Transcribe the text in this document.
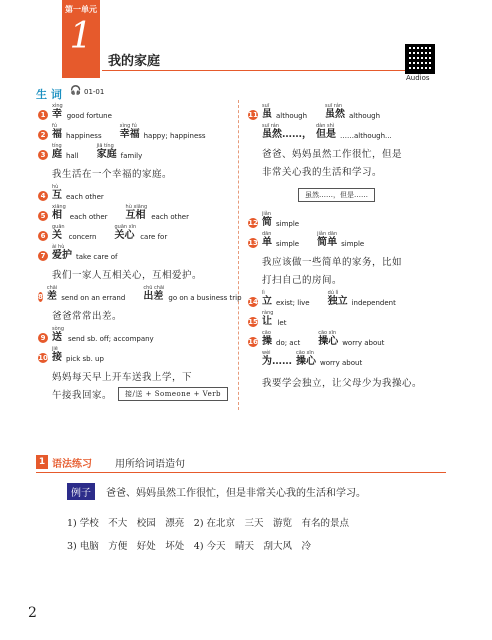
第一单元
1
我的家庭
Audios
生 词 🎧 01-01
1
xìng
幸 good fortune
2
fú
福 happiness
xìng fú
幸福 happy; happiness
3
tíng
庭 hall
jiā tíng
家庭 family
我生活在一个幸福的家庭。
4
hù
互 each other
5
xiāng
相 each other
hù xiāng
互相 each other
6
guān
关 concern
guān xīn
关心 care for
7
ài hù
爱护 take care of
我们一家人互相关心，互相爱护。
8
chāi
差 send on an errand
chū chāi
出差 go on a business trip
爸爸常常出差。
9
sòng
送 send sb. off; accompany
10
jiē
接 pick sb. up
妈妈每天早上开车送我上学，下
午接我回家。	接/送 + Someone + Verb
11
suī
虽 although
suī rán
虽然 although
suī rán
虽然……，
dàn shì
但是 ……although...
爸爸、妈妈虽然工作很忙，但是
非常关心我的生活和学习。
虽然……，但是……
12
jiǎn
简 simple
13
dān
单 simple
jiǎn dān
简单 simple
我应该做一些简单的家务，比如
打扫自己的房间。
14
lì
立 exist; live
dú lì
独立 independent
15
ràng
让 let
16
cāo
操 do; act
cāo xīn
操心 worry about
wèi
为……
cāo xīn
操心 worry about
我要学会独立，让父母少为我操心。
1 语法练习 用所给词语造句
例子	爸爸、妈妈虽然工作很忙，但是非常关心我的生活和学习。
1) 学校　不大　校园　漂亮　2) 在北京　三天　游览　有名的景点
3) 电脑　方便　好处　坏处　4) 今天　晴天　刮大风　冷
2
